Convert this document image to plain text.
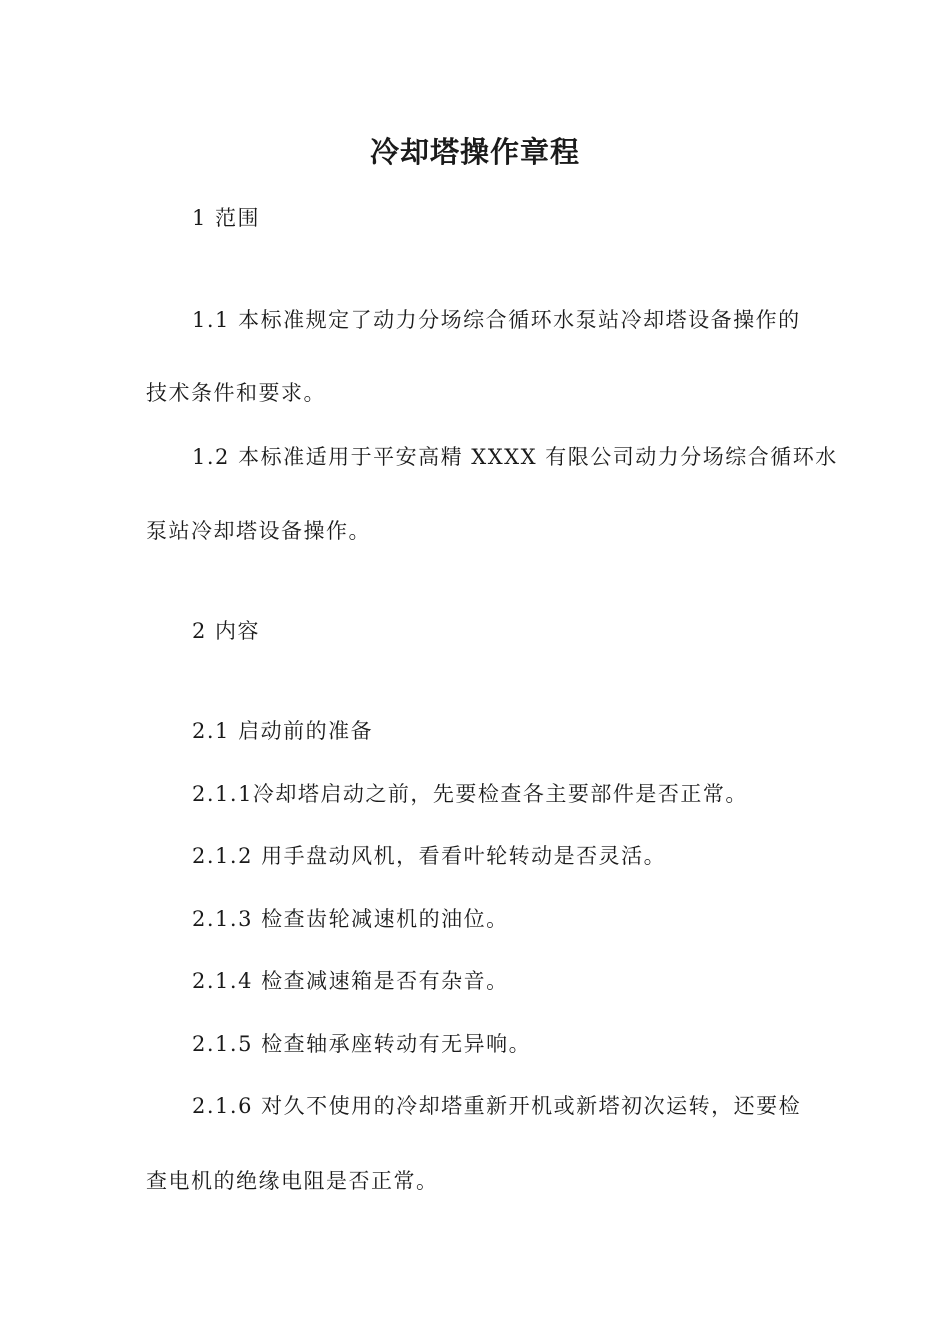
冷却塔操作章程
1 范围
1.1 本标准规定了动力分场综合循环水泵站冷却塔设备操作的
技术条件和要求。
1.2 本标准适用于平安高精 XXXX 有限公司动力分场综合循环水
泵站冷却塔设备操作。
2 内容
2.1 启动前的准备
2.1.1冷却塔启动之前，先要检查各主要部件是否正常。
2.1.2 用手盘动风机，看看叶轮转动是否灵活。
2.1.3 检查齿轮减速机的油位。
2.1.4 检查减速箱是否有杂音。
2.1.5 检查轴承座转动有无异响。
2.1.6 对久不使用的冷却塔重新开机或新塔初次运转，还要检
查电机的绝缘电阻是否正常。
